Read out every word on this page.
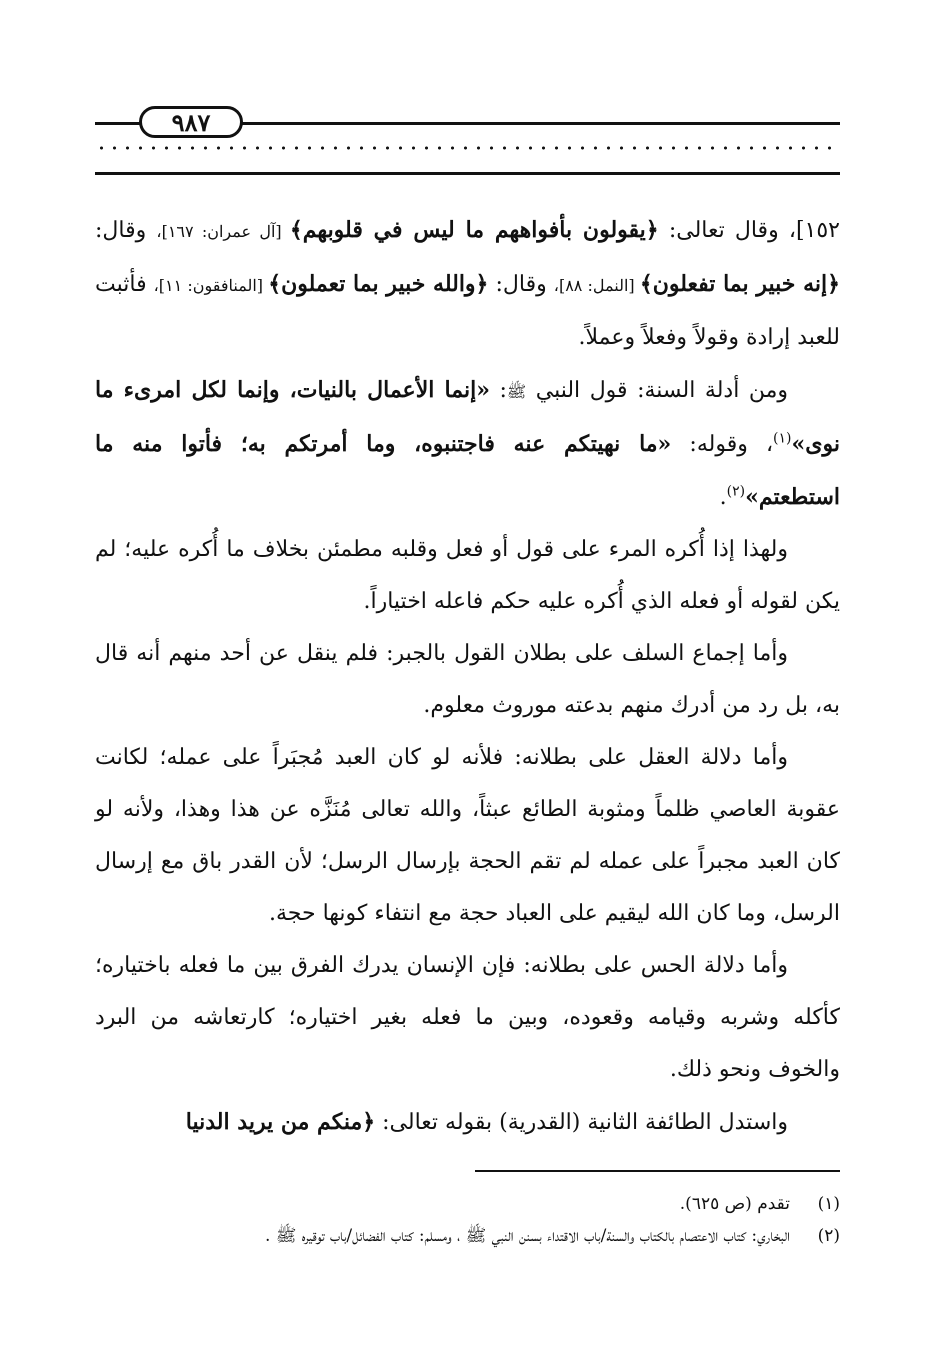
٩٨٧

١٥٢]، وقال تعالى: ﴿يقولون بأفواههم ما ليس في قلوبهم﴾ [آل عمران: ١٦٧]، وقال: ﴿إنه خبير بما تفعلون﴾ [النمل: ٨٨]، وقال: ﴿والله خبير بما تعملون﴾ [المنافقون: ١١]، فأثبت للعبد إرادة وقولاً وفعلاً وعملاً.

ومن أدلة السنة: قول النبي ﷺ: «إنما الأعمال بالنيات، وإنما لكل امرىء ما نوى»$^{(١)}$، وقوله: «ما نهيتكم عنه فاجتنبوه، وما أمرتكم به؛ فأتوا منه ما استطعتم»$^{(٢)}$.

ولهذا إذا أُكره المرء على قول أو فعل وقلبه مطمئن بخلاف ما أُكره عليه؛ لم يكن لقوله أو فعله الذي أُكره عليه حكم فاعله اختياراً.

وأما إجماع السلف على بطلان القول بالجبر: فلم ينقل عن أحد منهم أنه قال به، بل رد من أدرك منهم بدعته موروث معلوم.

وأما دلالة العقل على بطلانه: فلأنه لو كان العبد مُجبَراً على عمله؛ لكانت عقوبة العاصي ظلماً ومثوبة الطائع عبثاً، والله تعالى مُنَزَّه عن هذا وهذا، ولأنه لو كان العبد مجبراً على عمله لم تقم الحجة بإرسال الرسل؛ لأن القدر باق مع إرسال الرسل، وما كان الله ليقيم على العباد حجة مع انتفاء كونها حجة.

وأما دلالة الحس على بطلانه: فإن الإنسان يدرك الفرق بين ما فعله باختياره؛ كأكله وشربه وقيامه وقعوده، وبين ما فعله بغير اختياره؛ كارتعاشه من البرد والخوف ونحو ذلك.

واستدل الطائفة الثانية (القدرية) بقوله تعالى: ﴿منكم من يريد الدنيا

(١)
تقدم (ص ٦٢٥).
(٢)
البخاري: كتاب الاعتصام بالكتاب والسنة/باب الاقتداء بسنن النبي ﷺ ، ومسلم: كتاب الفضائل/باب توقيره ﷺ .
